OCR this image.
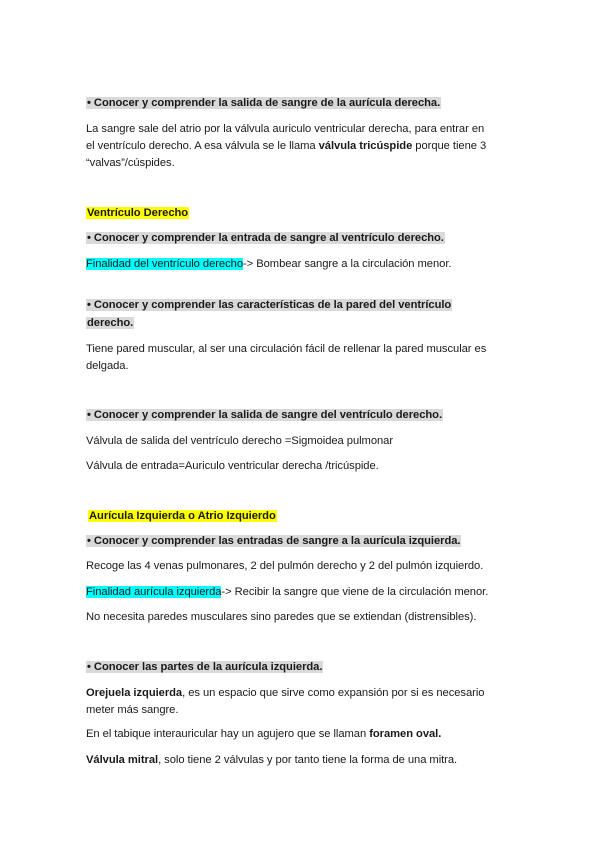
• Conocer y comprender la salida de sangre de la aurícula derecha.
La sangre sale del atrio por la válvula auriculo ventricular derecha, para entrar en
el ventrículo derecho. A esa válvula se le llama válvula tricúspide porque tiene 3
“valvas”/cúspides.
Ventrículo Derecho
• Conocer y comprender la entrada de sangre al ventrículo derecho.
Finalidad del ventrículo derecho-> Bombear sangre a la circulación menor.
• Conocer y comprender las características de la pared del ventrículo
derecho.
Tiene pared muscular, al ser una circulación fácil de rellenar la pared muscular es
delgada.
• Conocer y comprender la salida de sangre del ventrículo derecho.
Válvula de salida del ventrículo derecho =Sigmoidea pulmonar
Válvula de entrada=Auriculo ventricular derecha /tricúspide.
Aurícula Izquierda o Atrio Izquierdo
• Conocer y comprender las entradas de sangre a la aurícula izquierda.
Recoge las 4 venas pulmonares, 2 del pulmón derecho y 2 del pulmón izquierdo.
Finalidad aurícula izquierda-> Recibir la sangre que viene de la circulación menor.
No necesita paredes musculares sino paredes que se extiendan (distrensibles).
• Conocer las partes de la aurícula izquierda.
Orejuela izquierda, es un espacio que sirve como expansión por si es necesario
meter más sangre.
En el tabique interauricular hay un agujero que se llaman foramen oval.
Válvula mitral, solo tiene 2 válvulas y por tanto tiene la forma de una mitra.
